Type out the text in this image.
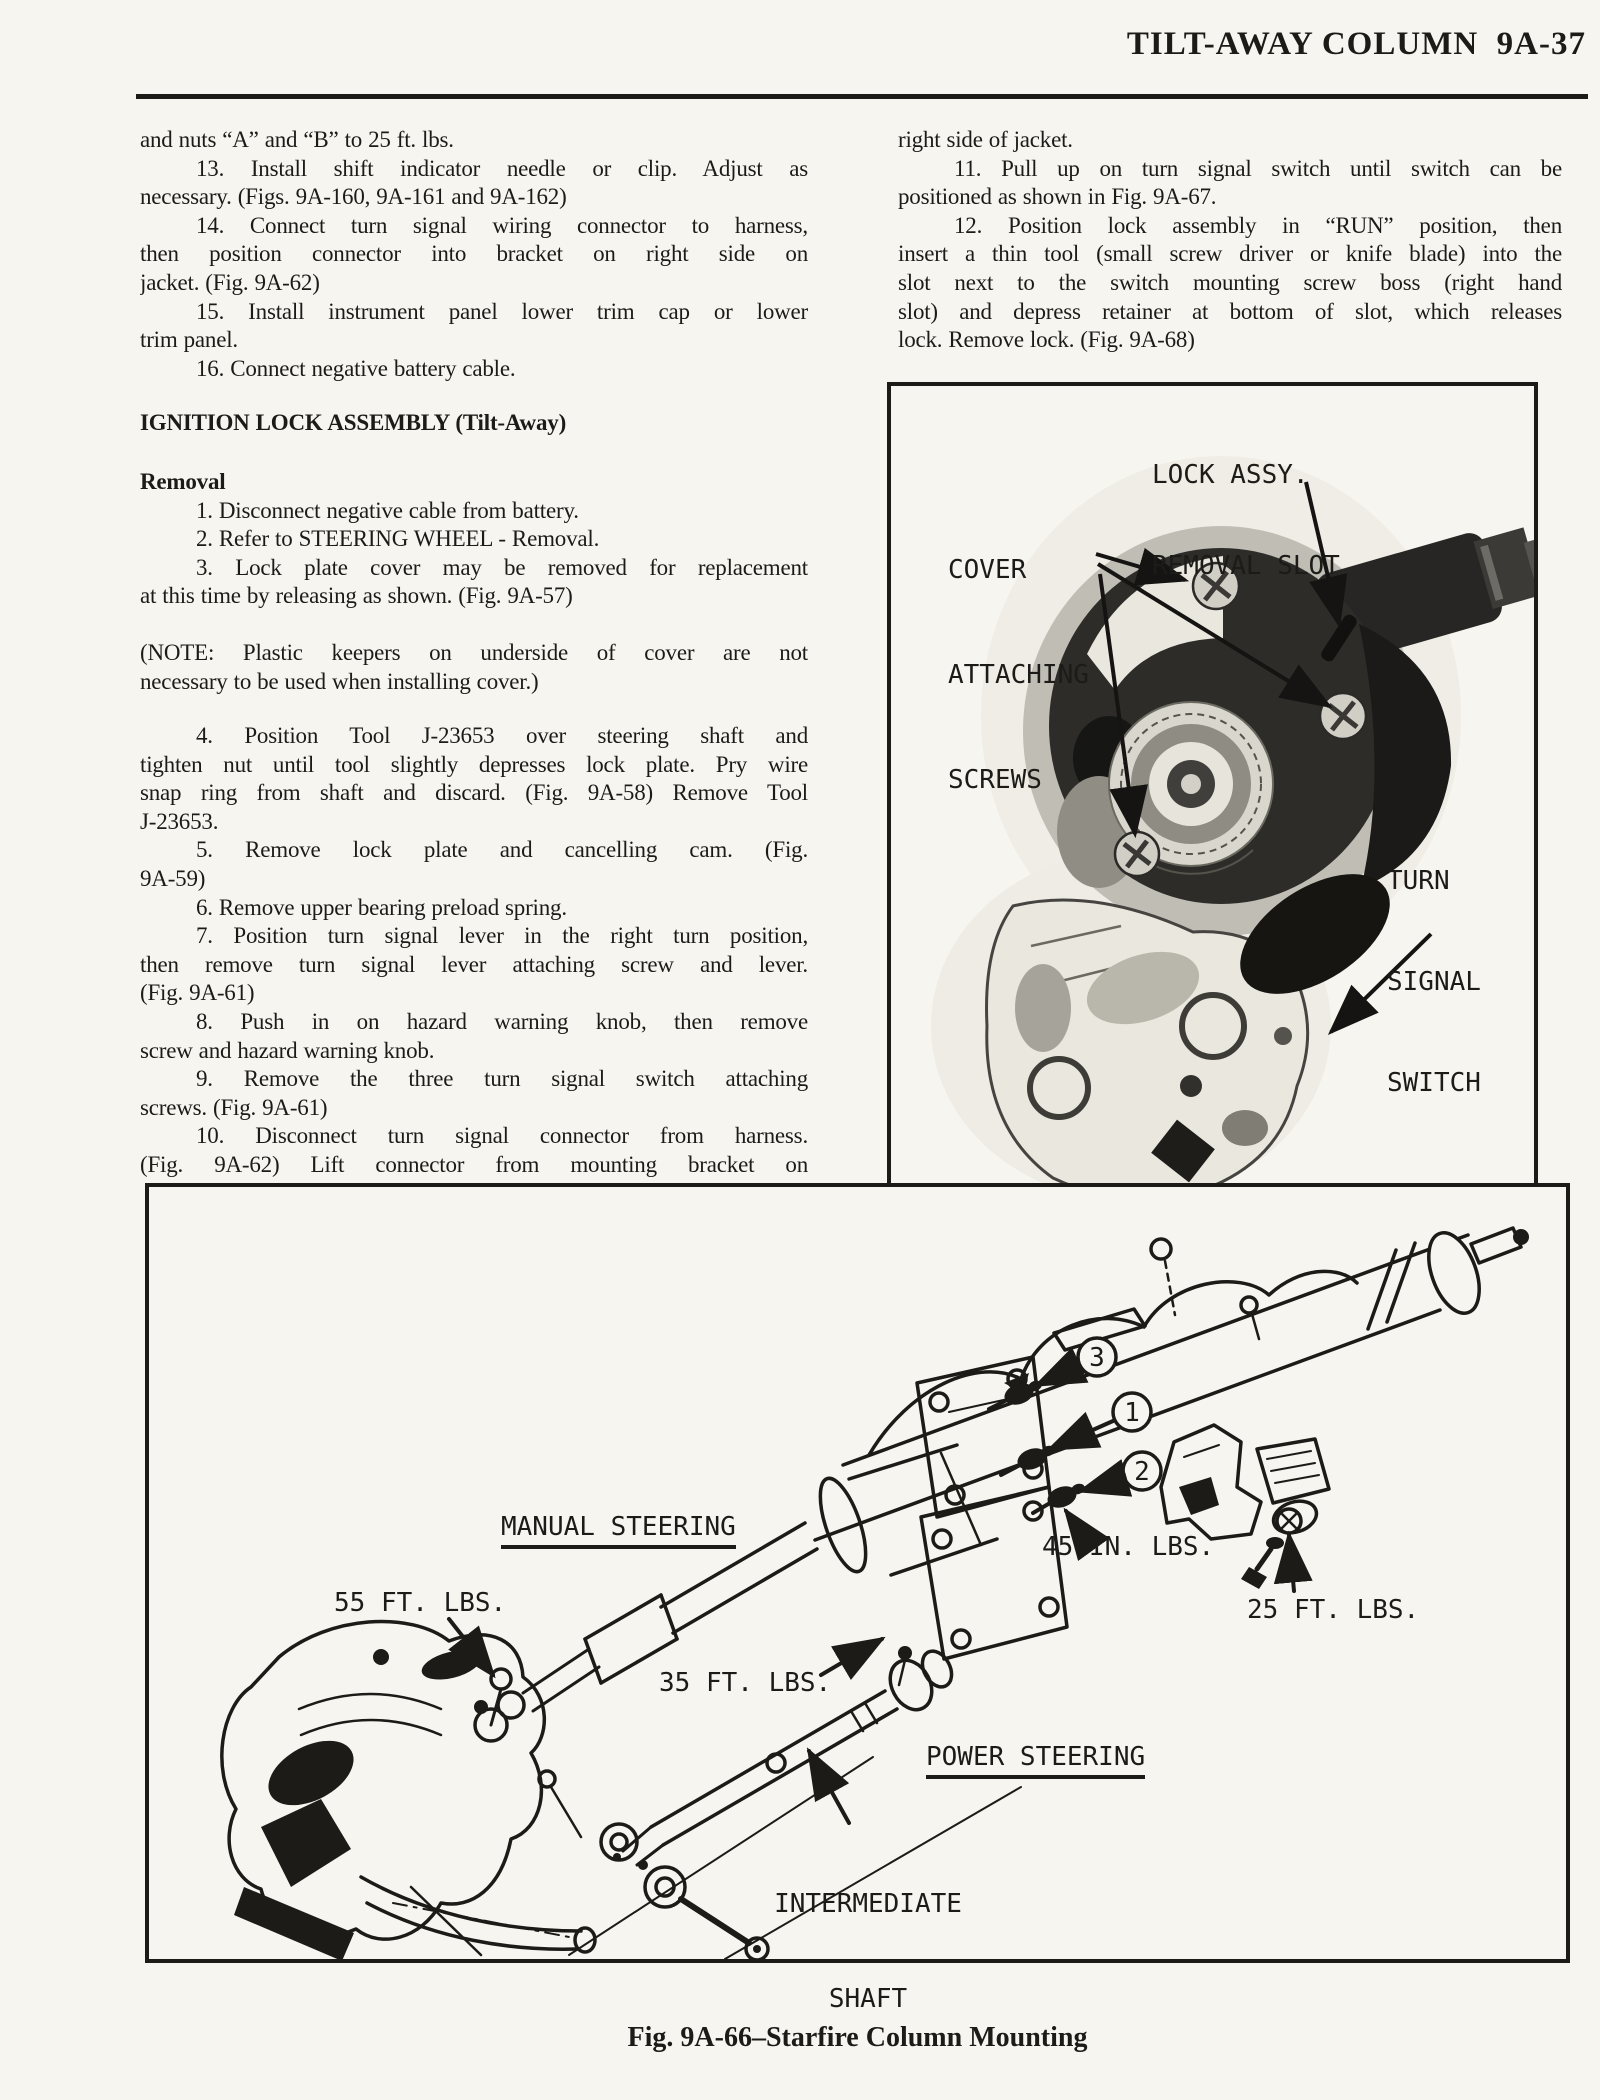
TILT-AWAY COLUMN  9A-37
and nuts “A” and “B” to 25 ft. lbs.
13. Install shift indicator needle or clip. Adjust as
necessary. (Figs. 9A-160, 9A-161 and 9A-162)
14. Connect turn signal wiring connector to harness,
then position connector into bracket on right side on
jacket. (Fig. 9A-62)
15. Install instrument panel lower trim cap or lower
trim panel.
16. Connect negative battery cable.
IGNITION LOCK ASSEMBLY (Tilt-Away)
Removal
1. Disconnect negative cable from battery.
2. Refer to STEERING WHEEL - Removal.
3. Lock plate cover may be removed for replacement
at this time by releasing as shown. (Fig. 9A-57)
(NOTE: Plastic keepers on underside of cover are not
necessary to be used when installing cover.)
4. Position Tool J-23653 over steering shaft and
tighten nut until tool slightly depresses lock plate. Pry wire
snap ring from shaft and discard. (Fig. 9A-58) Remove Tool
J-23653.
5. Remove lock plate and cancelling cam. (Fig.
9A-59)
6. Remove upper bearing preload spring.
7. Position turn signal lever in the right turn position,
then remove turn signal lever attaching screw and lever.
(Fig. 9A-61)
8. Push in on hazard warning knob, then remove
screw and hazard warning knob.
9. Remove the three turn signal switch attaching
screws. (Fig. 9A-61)
10. Disconnect turn signal connector from harness.
(Fig. 9A-62) Lift connector from mounting bracket on
right side of jacket.
11. Pull up on turn signal switch until switch can be
positioned as shown in Fig. 9A-67.
12. Position lock assembly in “RUN” position, then
insert a thin tool (small screw driver or knife blade) into the
slot next to the switch mounting screw boss (right hand
slot) and depress retainer at bottom of slot, which releases
lock. Remove lock. (Fig. 9A-68)

LOCK ASSY.

REMOVAL SLOT

COVER

ATTACHING

SCREWS

TURN

SIGNAL

SWITCH

3
1
2
MANUAL STEERING
55 FT. LBS.
35 FT. LBS.
45 IN. LBS.
25 FT. LBS.
POWER STEERING

INTERMEDIATE

SHAFT

Fig. 9A-66–Starfire Column Mounting
